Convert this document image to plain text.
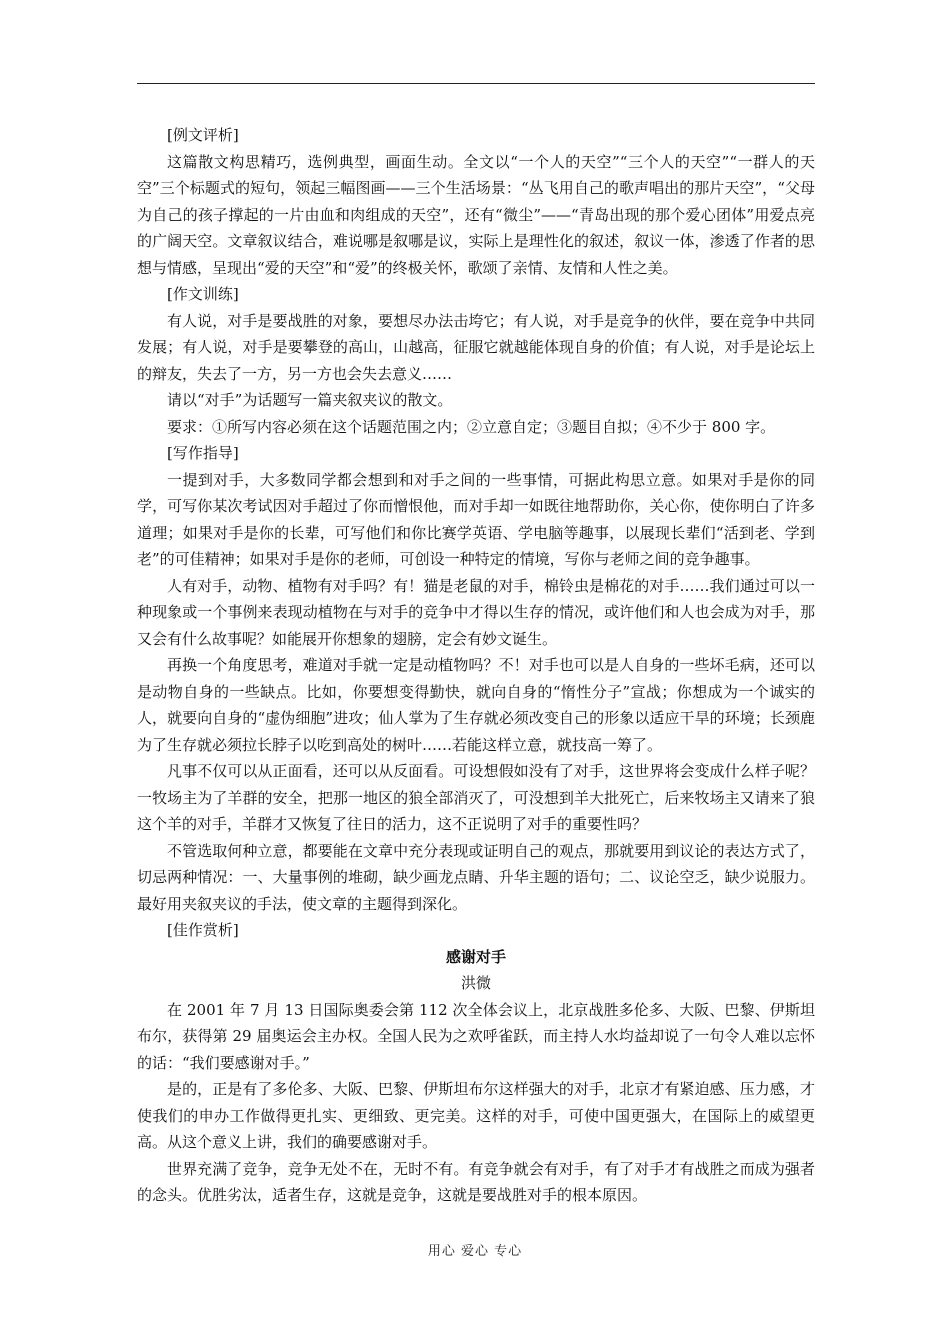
[例文评析]

这篇散文构思精巧，选例典型，画面生动。全文以“一个人的天空”“三个人的天空”“一群人的天空”三个标题式的短句，领起三幅图画——三个生活场景：“丛飞用自己的歌声唱出的那片天空”，“父母为自己的孩子撑起的一片由血和肉组成的天空”，还有“微尘”——“青岛出现的那个爱心团体”用爱点亮的广阔天空。文章叙议结合，难说哪是叙哪是议，实际上是理性化的叙述，叙议一体，渗透了作者的思想与情感，呈现出“爱的天空”和“爱”的终极关怀，歌颂了亲情、友情和人性之美。

[作文训练]

有人说，对手是要战胜的对象，要想尽办法击垮它；有人说，对手是竞争的伙伴，要在竞争中共同发展；有人说，对手是要攀登的高山，山越高，征服它就越能体现自身的价值；有人说，对手是论坛上的辩友，失去了一方，另一方也会失去意义……

请以“对手”为话题写一篇夹叙夹议的散文。

要求：①所写内容必须在这个话题范围之内；②立意自定；③题目自拟；④不少于 800 字。

[写作指导]

一提到对手，大多数同学都会想到和对手之间的一些事情，可据此构思立意。如果对手是你的同学，可写你某次考试因对手超过了你而憎恨他，而对手却一如既往地帮助你，关心你，使你明白了许多道理；如果对手是你的长辈，可写他们和你比赛学英语、学电脑等趣事，以展现长辈们“活到老、学到老”的可佳精神；如果对手是你的老师，可创设一种特定的情境，写你与老师之间的竞争趣事。

人有对手，动物、植物有对手吗？有！猫是老鼠的对手，棉铃虫是棉花的对手……我们通过可以一种现象或一个事例来表现动植物在与对手的竞争中才得以生存的情况，或许他们和人也会成为对手，那又会有什么故事呢？如能展开你想象的翅膀，定会有妙文诞生。

再换一个角度思考，难道对手就一定是动植物吗？不！对手也可以是人自身的一些坏毛病，还可以是动物自身的一些缺点。比如，你要想变得勤快，就向自身的“惰性分子”宣战；你想成为一个诚实的人，就要向自身的“虚伪细胞”进攻；仙人掌为了生存就必须改变自己的形象以适应干旱的环境；长颈鹿为了生存就必须拉长脖子以吃到高处的树叶……若能这样立意，就技高一筹了。

凡事不仅可以从正面看，还可以从反面看。可设想假如没有了对手，这世界将会变成什么样子呢？一牧场主为了羊群的安全，把那一地区的狼全部消灭了，可没想到羊大批死亡，后来牧场主又请来了狼这个羊的对手，羊群才又恢复了往日的活力，这不正说明了对手的重要性吗？

不管选取何种立意，都要能在文章中充分表现或证明自己的观点，那就要用到议论的表达方式了，切忌两种情况：一、大量事例的堆砌，缺少画龙点睛、升华主题的语句；二、议论空乏，缺少说服力。最好用夹叙夹议的手法，使文章的主题得到深化。

[佳作赏析]

感谢对手

洪微

在 2001 年 7 月 13 日国际奥委会第 112 次全体会议上，北京战胜多伦多、大阪、巴黎、伊斯坦布尔，获得第 29 届奥运会主办权。全国人民为之欢呼雀跃，而主持人水均益却说了一句令人难以忘怀的话：“我们要感谢对手。”

是的，正是有了多伦多、大阪、巴黎、伊斯坦布尔这样强大的对手，北京才有紧迫感、压力感，才使我们的申办工作做得更扎实、更细致、更完美。这样的对手，可使中国更强大，在国际上的威望更高。从这个意义上讲，我们的确要感谢对手。

世界充满了竞争，竞争无处不在，无时不有。有竞争就会有对手，有了对手才有战胜之而成为强者的念头。优胜劣汰，适者生存，这就是竞争，这就是要战胜对手的根本原因。

用心 爱心 专心
